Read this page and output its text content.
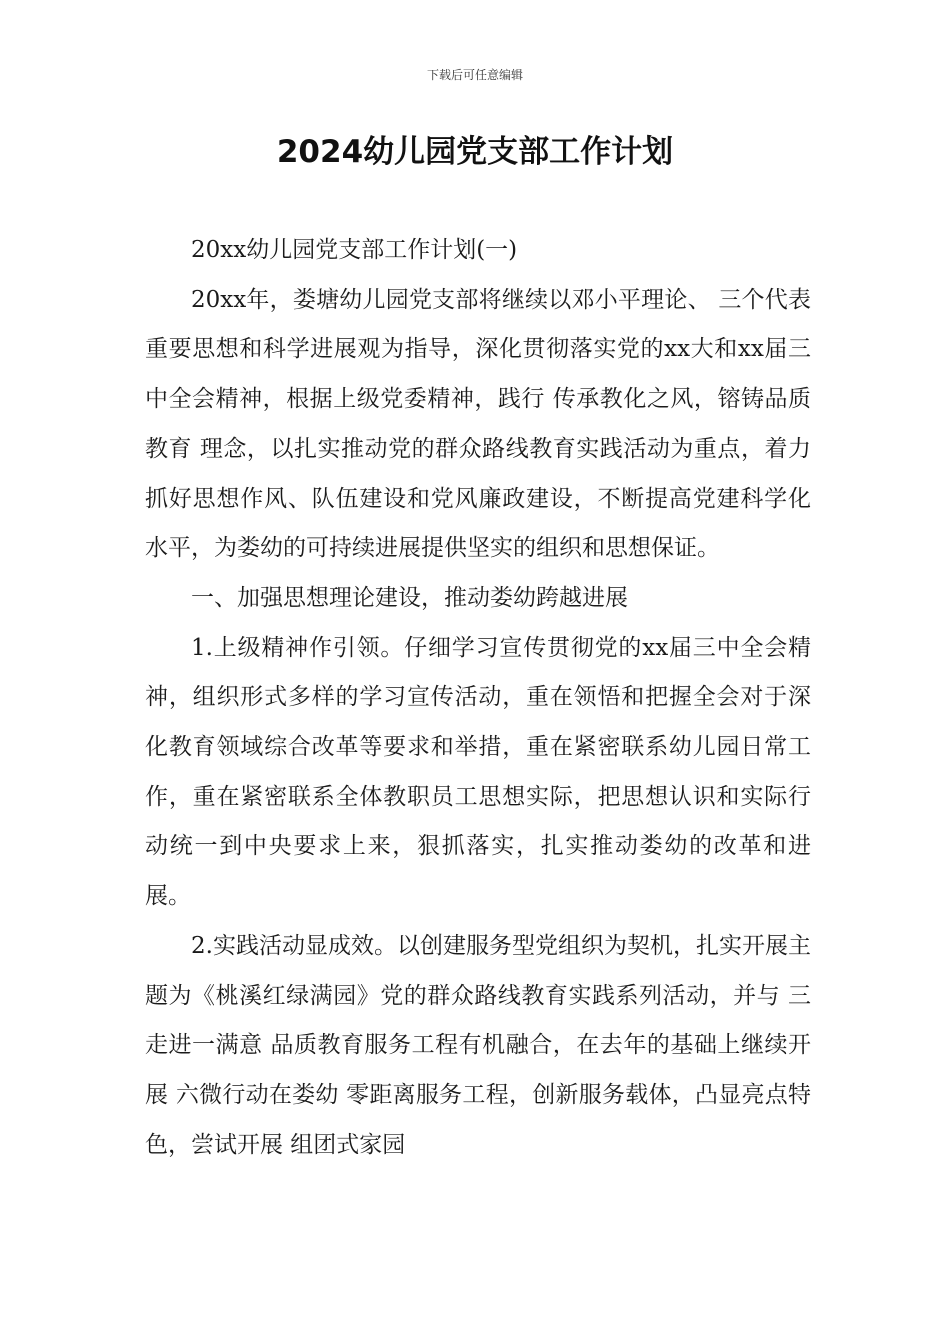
下载后可任意编辑
2024幼儿园党支部工作计划

20xx幼儿园党支部工作计划(一)

20xx年，娄塘幼儿园党支部将继续以邓小平理论、 三个代表 重要思想和科学进展观为指导，深化贯彻落实党的xx大和xx届三中全会精神，根据上级党委精神，践行 传承教化之风，镕铸品质教育 理念，以扎实推动党的群众路线教育实践活动为重点，着力抓好思想作风、队伍建设和党风廉政建设，不断提高党建科学化水平，为娄幼的可持续进展提供坚实的组织和思想保证。

一、加强思想理论建设，推动娄幼跨越进展

1.上级精神作引领。仔细学习宣传贯彻党的xx届三中全会精神，组织形式多样的学习宣传活动，重在领悟和把握全会对于深化教育领域综合改革等要求和举措，重在紧密联系幼儿园日常工作，重在紧密联系全体教职员工思想实际，把思想认识和实际行动统一到中央要求上来，狠抓落实，扎实推动娄幼的改革和进展。

2.实践活动显成效。以创建服务型党组织为契机，扎实开展主题为《桃溪红绿满园》党的群众路线教育实践系列活动，并与 三走进一满意 品质教育服务工程有机融合，在去年的基础上继续开展 六微行动在娄幼 零距离服务工程，创新服务载体，凸显亮点特色，尝试开展 组团式家园
